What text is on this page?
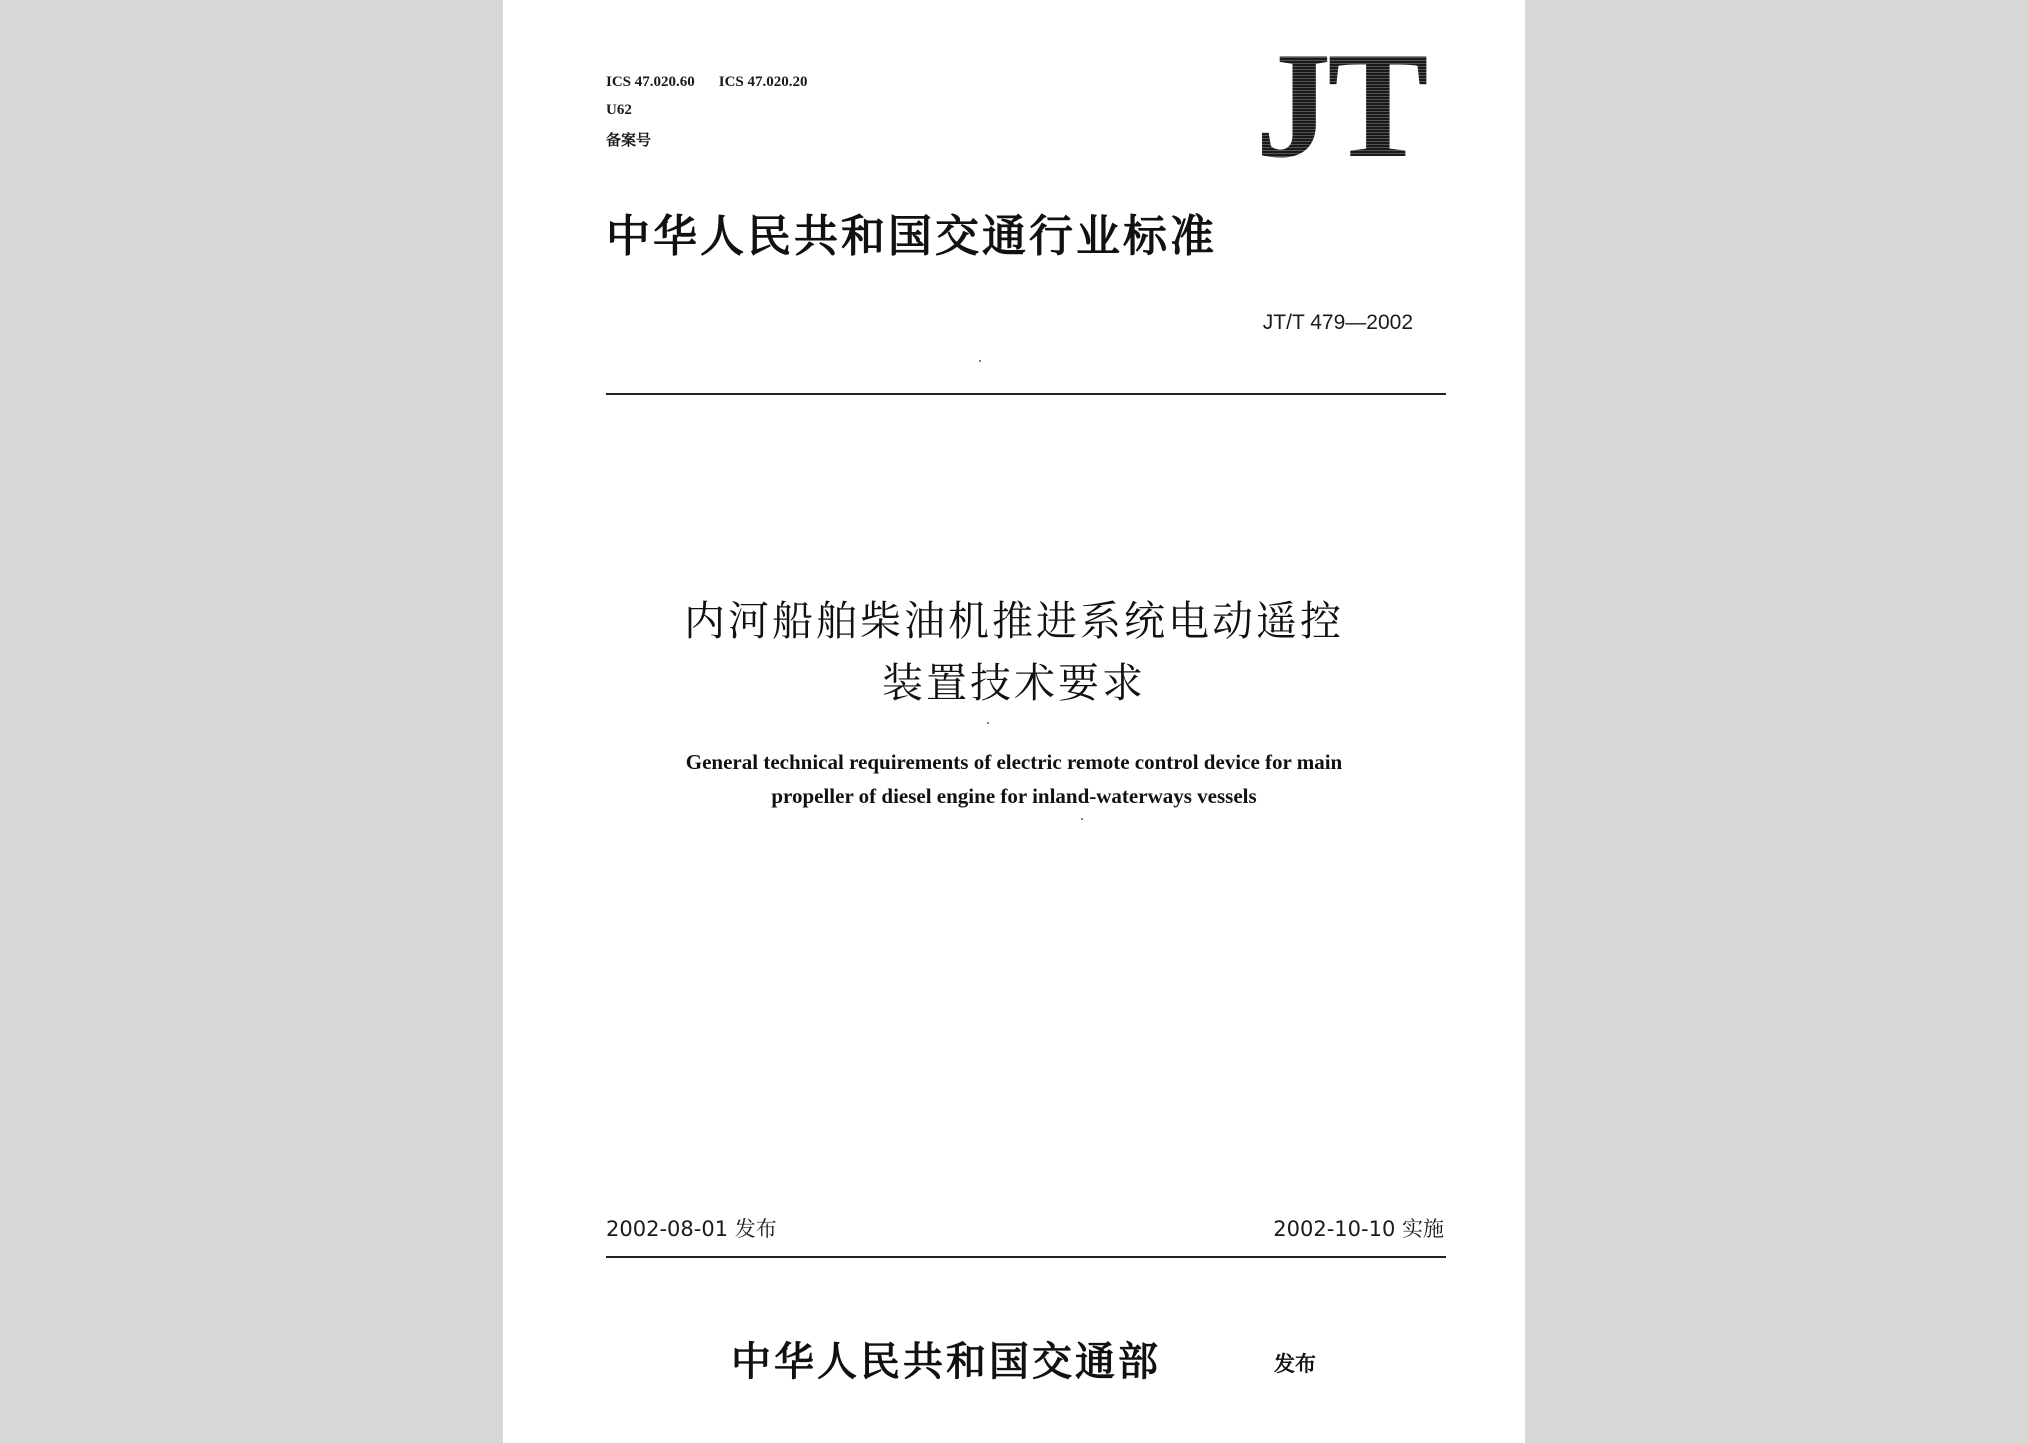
ICS 47.020.60 ICS 47.020.20
U62
备案号	JT
中华人民共和国交通行业标准
JT/T 479—2002
内河船舶柴油机推进系统电动遥控
装置技术要求
General technical requirements of electric remote control device for main
propeller of diesel engine for inland-waterways vessels
2002-08-01 发布	2002-10-10 实施
中华人民共和国交通部	发布
